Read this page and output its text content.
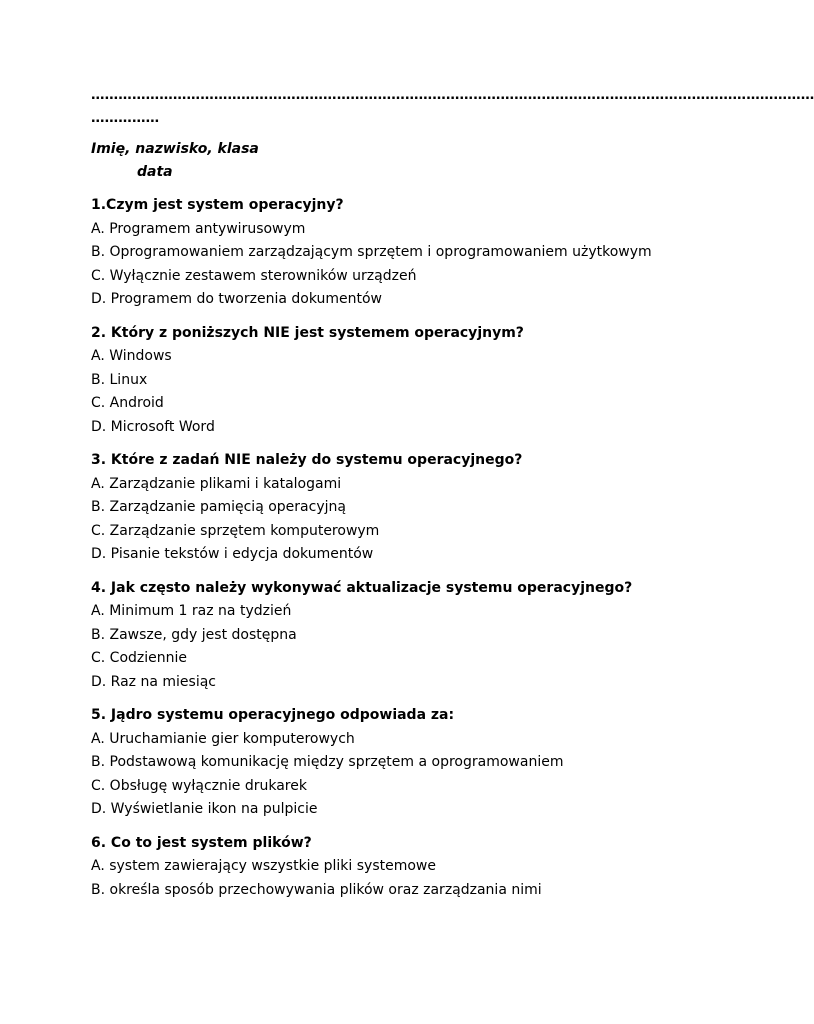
……………………………………………………………………………………………………………………………………………
……………
Imię, nazwisko, klasa
data
1.Czym jest system operacyjny?
A. Programem antywirusowym
B. Oprogramowaniem zarządzającym sprzętem i oprogramowaniem użytkowym
C. Wyłącznie zestawem sterowników urządzeń
D. Programem do tworzenia dokumentów
2. Który z poniższych NIE jest systemem operacyjnym?
A. Windows
B. Linux
C. Android
D. Microsoft Word
3. Które z zadań NIE należy do systemu operacyjnego?
A. Zarządzanie plikami i katalogami
B. Zarządzanie pamięcią operacyjną
C. Zarządzanie sprzętem komputerowym
D. Pisanie tekstów i edycja dokumentów
4. Jak często należy wykonywać aktualizacje systemu operacyjnego?
A. Minimum 1 raz na tydzień
B. Zawsze, gdy jest dostępna
C. Codziennie
D. Raz na miesiąc
5. Jądro systemu operacyjnego odpowiada za:
A. Uruchamianie gier komputerowych
B. Podstawową komunikację między sprzętem a oprogramowaniem
C. Obsługę wyłącznie drukarek
D. Wyświetlanie ikon na pulpicie
6. Co to jest system plików?
A. system zawierający wszystkie pliki systemowe
B. określa sposób przechowywania plików oraz zarządzania nimi
